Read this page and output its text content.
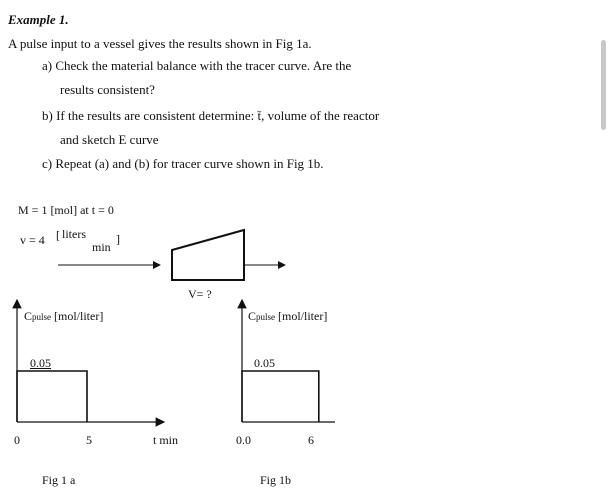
Example 1.
A pulse input to a vessel gives the results shown in Fig 1a.
a) Check the material balance with the tracer curve. Are the
results consistent?
b) If the results are consistent determine: t̄, volume of the reactor
and sketch E curve
c) Repeat (a) and (b) for tracer curve shown in Fig 1b.
M = 1 [mol] at t = 0
v = 4 [ liters
min
]
V= ?
Cpulse [mol/liter]
0.05
0	5	t min
Fig 1 a
Cpulse [mol/liter]
0.05
0.0	6
Fig 1b
